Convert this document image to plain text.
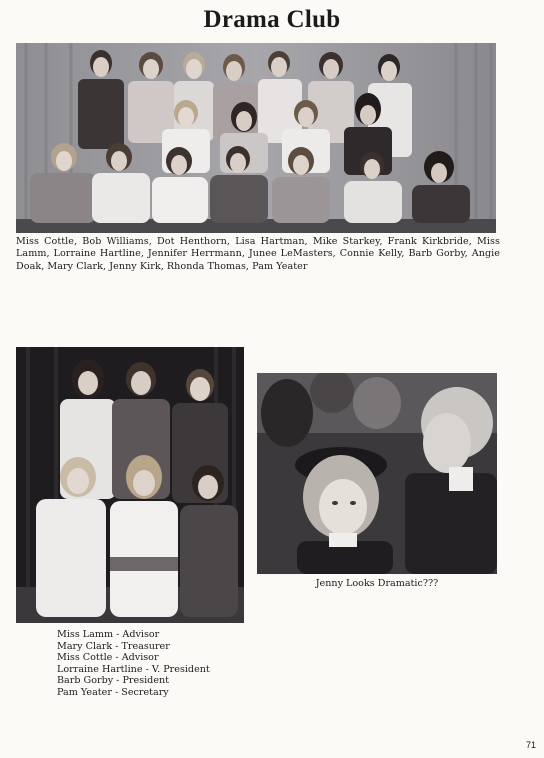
Drama Club
Miss Cottle, Bob Williams, Dot Henthorn, Lisa Hartman, Mike Starkey, Frank Kirkbride, Miss Lamm, Lorraine Hartline, Jennifer Herrmann, Junee LeMasters, Connie Kelly, Barb Gorby, Angie Doak, Mary Clark, Jenny Kirk, Rhonda Thomas, Pam Yeater
Miss Lamm - Advisor
Mary Clark - Treasurer
Miss Cottle - Advisor
Lorraine Hartline - V. President
Barb Gorby - President
Pam Yeater - Secretary
Jenny Looks Dramatic???
71
